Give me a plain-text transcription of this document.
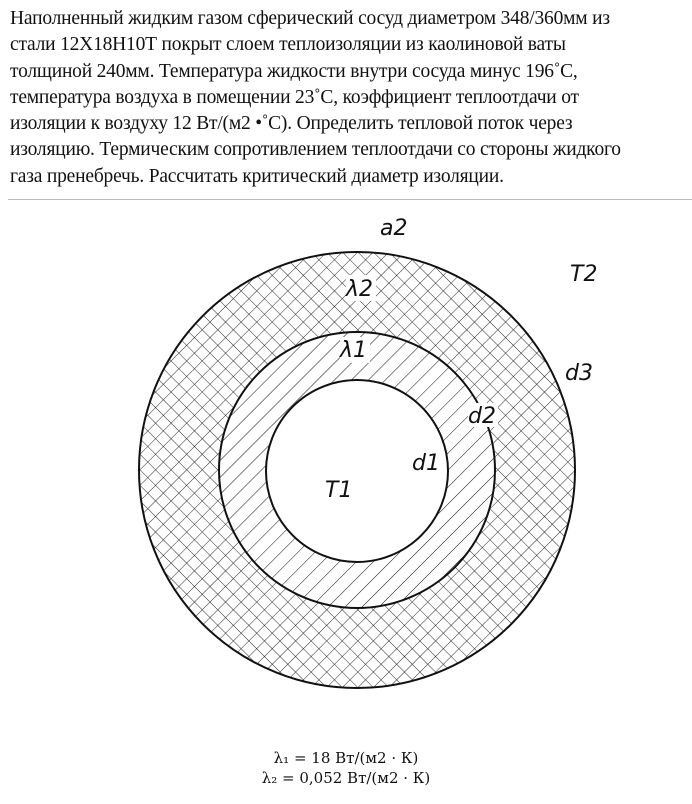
Наполненный жидким газом сферический сосуд диаметром 348/360мм из
стали 12Х18Н10Т покрыт слоем теплоизоляции из каолиновой ваты
толщиной 240мм. Температура жидкости внутри сосуда минус 196˚С,
температура воздуха в помещении 23˚С, коэффициент теплоотдачи от
изоляции к воздуху 12 Вт/(м2 •˚С). Определить тепловой поток через
изоляцию. Термическим сопротивлением теплоотдачи со стороны жидкого
газа пренебречь. Рассчитать критический диаметр изоляции.
a2
T2
λ2
λ1
d3
d2
d1
T1
λ₁ = 18 Вт/(м2 · К)
λ₂ = 0,052 Вт/(м2 · К)
